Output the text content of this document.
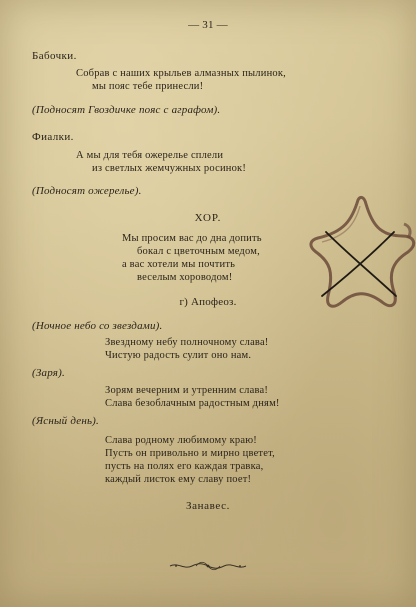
— 31 —
Бабочки.
Собрав с наших крыльев алмазных пылинок,
мы пояс тебе принесли!
(Подносят Гвоздичке пояс с аграфом).
Фиалки.
А мы для тебя ожерелье сплели
из светлых жемчужных росинок!
(Подносят ожерелье).
ХОР.
Мы просим вас до дна допить
бокал с цветочным медом,
а вас хотели мы почтить
веселым хороводом!
г) Апофеоз.
(Ночное небо со звездами).
Звездному небу полночному слава!
Чистую радость сулит оно нам.
(Заря).
Зорям вечерним и утренним слава!
Слава безоблачным радостным дням!
(Ясный день).
Слава родному любимому краю!
Пусть он привольно и мирно цветет,
пусть на полях его каждая травка,
каждый листок ему славу поет!
Занавес.
